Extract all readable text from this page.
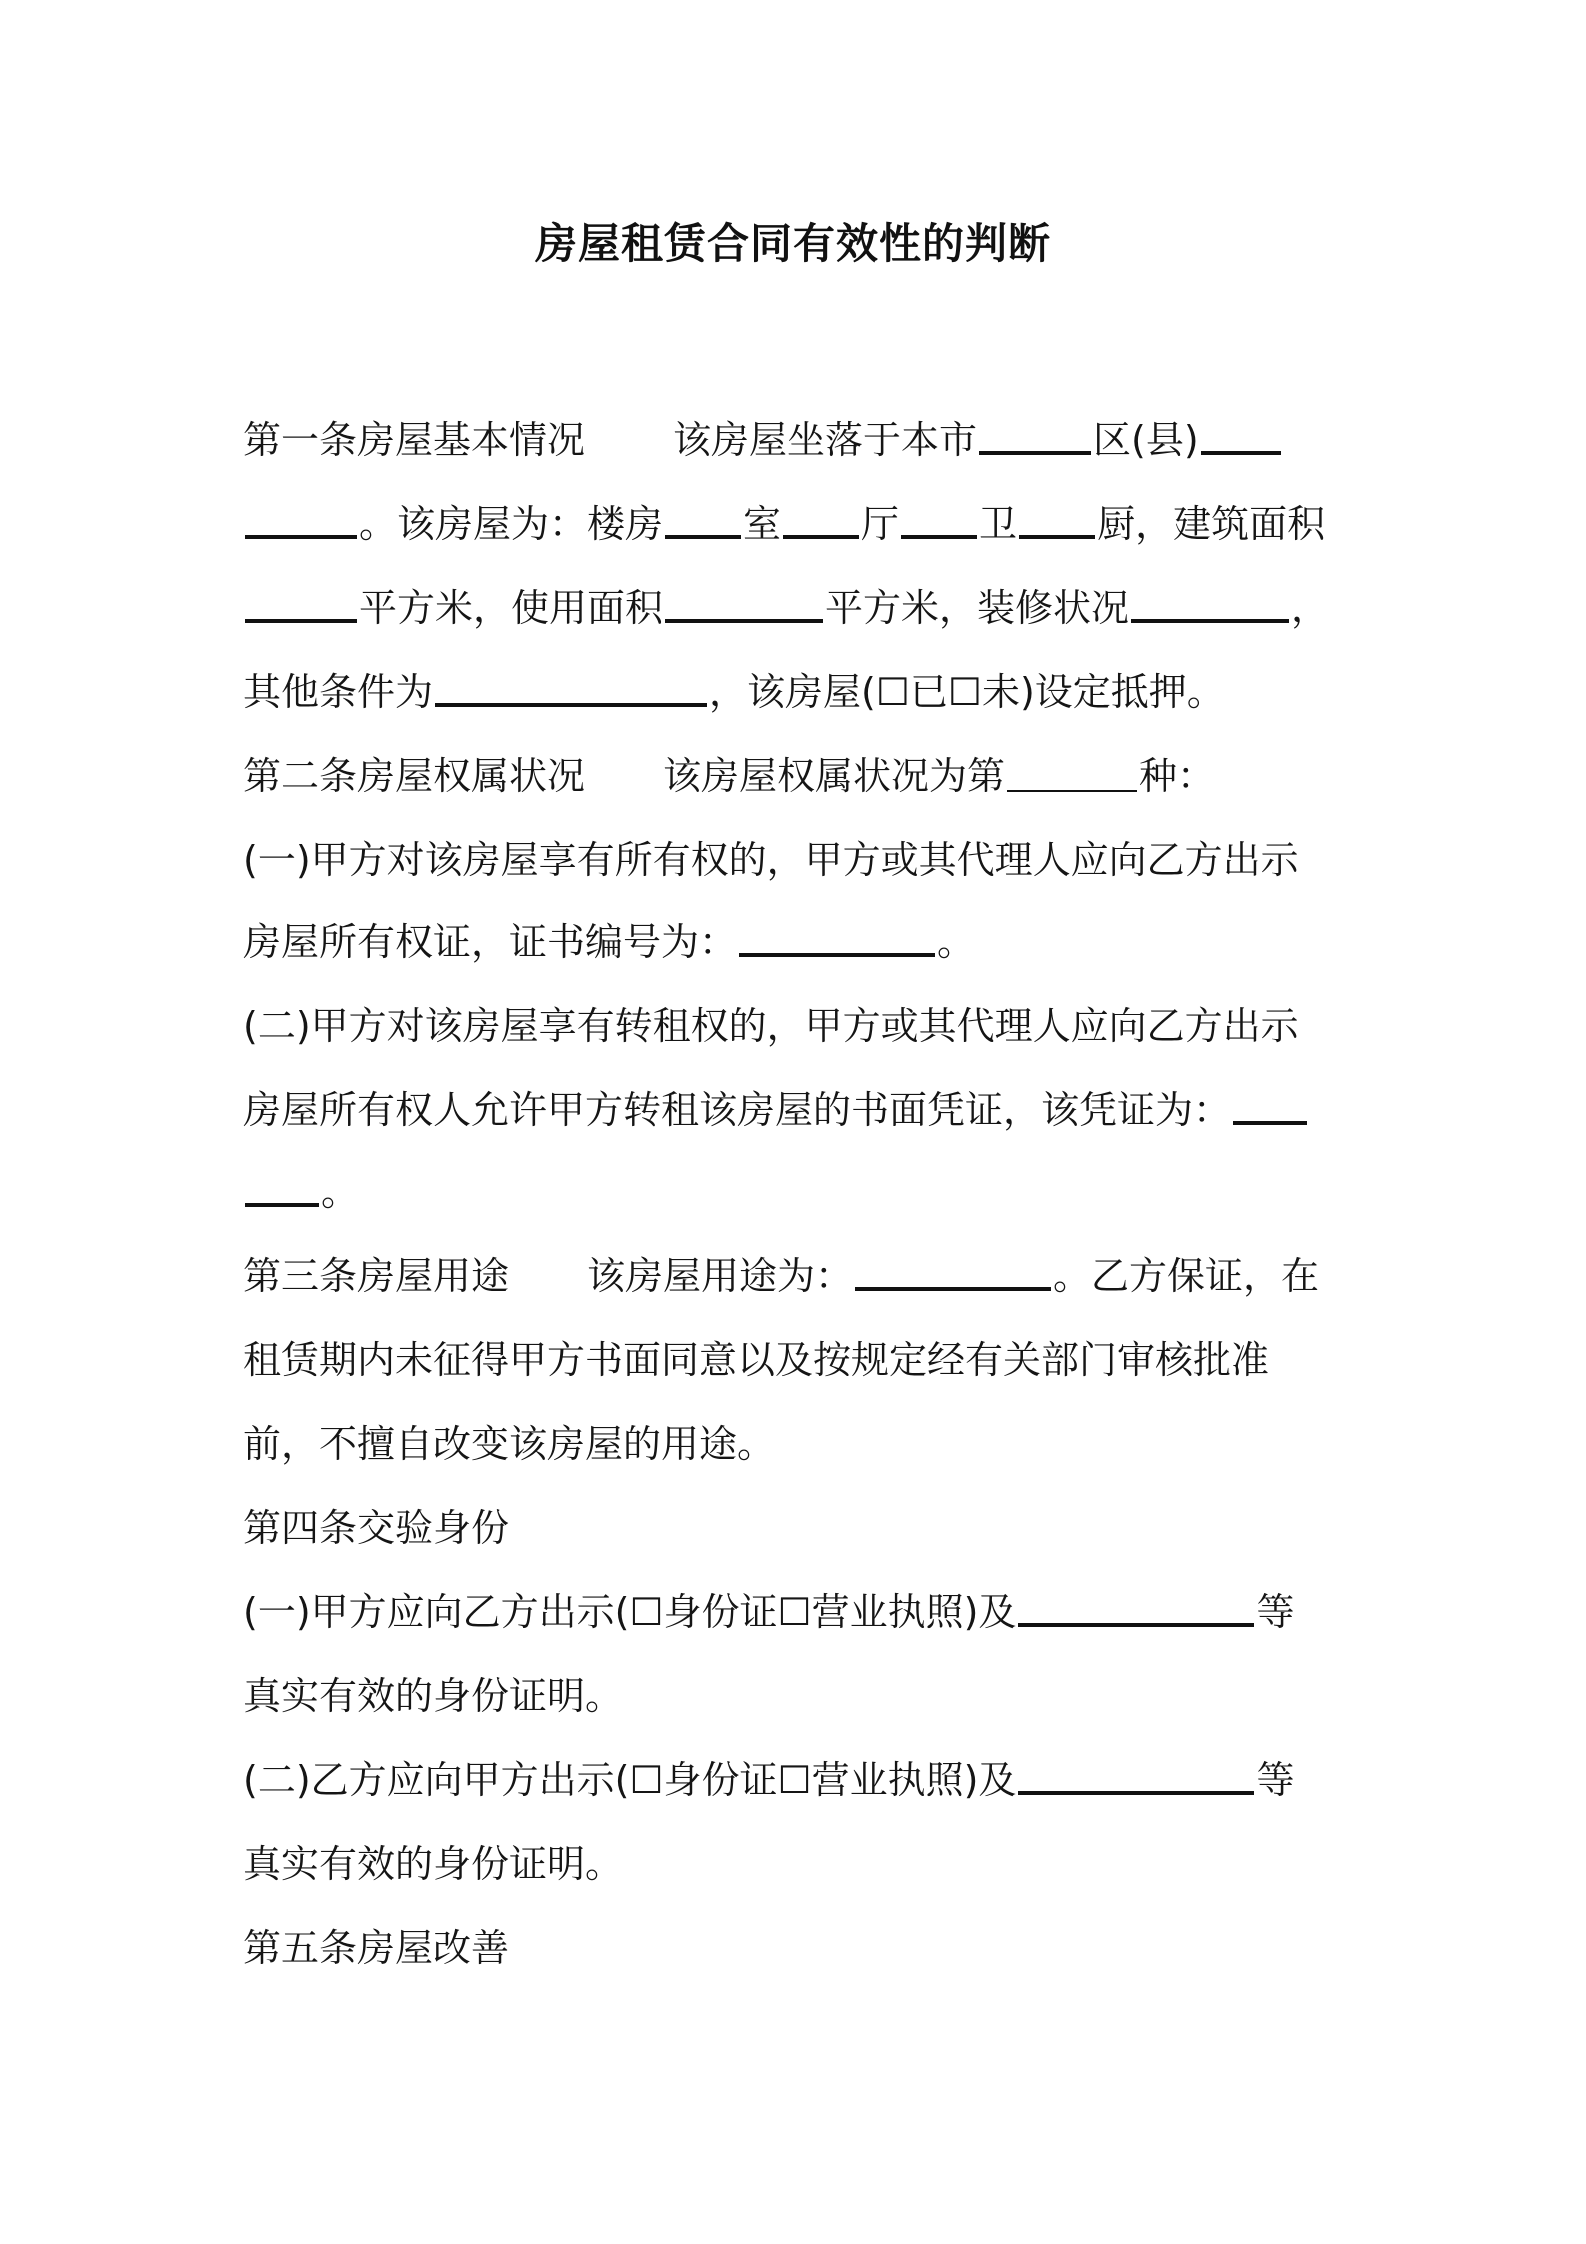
房屋租赁合同有效性的判断
第一条房屋基本情况 该房屋坐落于本市	区(县)
。该房屋为：楼房 室 厅 卫 厨，建筑面积
平方米，使用面积	平方米，装修状况	，
其他条件为	，该房屋(☐已☐未)设定抵押。
第二条房屋权属状况 该房屋权属状况为第	种：
(一)甲方对该房屋享有所有权的，甲方或其代理人应向乙方出示
房屋所有权证，证书编号为：	。
(二)甲方对该房屋享有转租权的，甲方或其代理人应向乙方出示
房屋所有权人允许甲方转租该房屋的书面凭证，该凭证为：
。
第三条房屋用途 该房屋用途为：	。乙方保证，在
租赁期内未征得甲方书面同意以及按规定经有关部门审核批准
前，不擅自改变该房屋的用途。
第四条交验身份
(一)甲方应向乙方出示(☐身份证☐营业执照)及	等
真实有效的身份证明。
(二)乙方应向甲方出示(☐身份证☐营业执照)及	等
真实有效的身份证明。
第五条房屋改善
